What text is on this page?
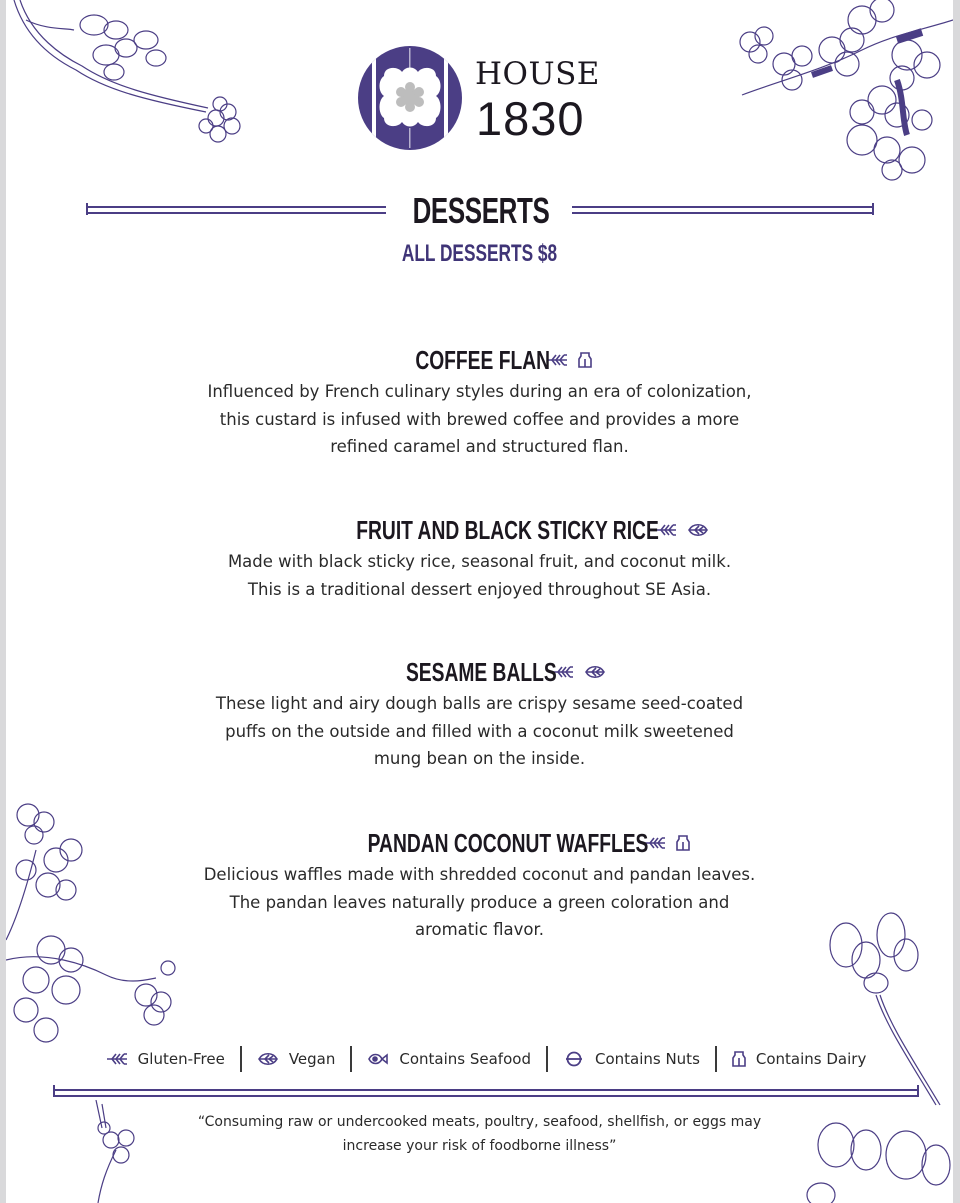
HOUSE
1830
DESSERTS
ALL DESSERTS $8
COFFEE FLAN
Influenced by French culinary styles during an era of colonization,
this custard is infused with brewed coffee and provides a more
refined caramel and structured flan.
FRUIT AND BLACK STICKY RICE
Made with black sticky rice, seasonal fruit, and coconut milk.
This is a traditional dessert enjoyed throughout SE Asia.
SESAME BALLS
These light and airy dough balls are crispy sesame seed-coated
puffs on the outside and filled with a coconut milk sweetened
mung bean on the inside.
PANDAN COCONUT WAFFLES
Delicious waffles made with shredded coconut and pandan leaves.
The pandan leaves naturally produce a green coloration and
aromatic flavor.
Gluten-Free	Vegan	Contains Seafood	Contains Nuts	Contains Dairy
“Consuming raw or undercooked meats, poultry, seafood, shellfish, or eggs may
increase your risk of foodborne illness”
